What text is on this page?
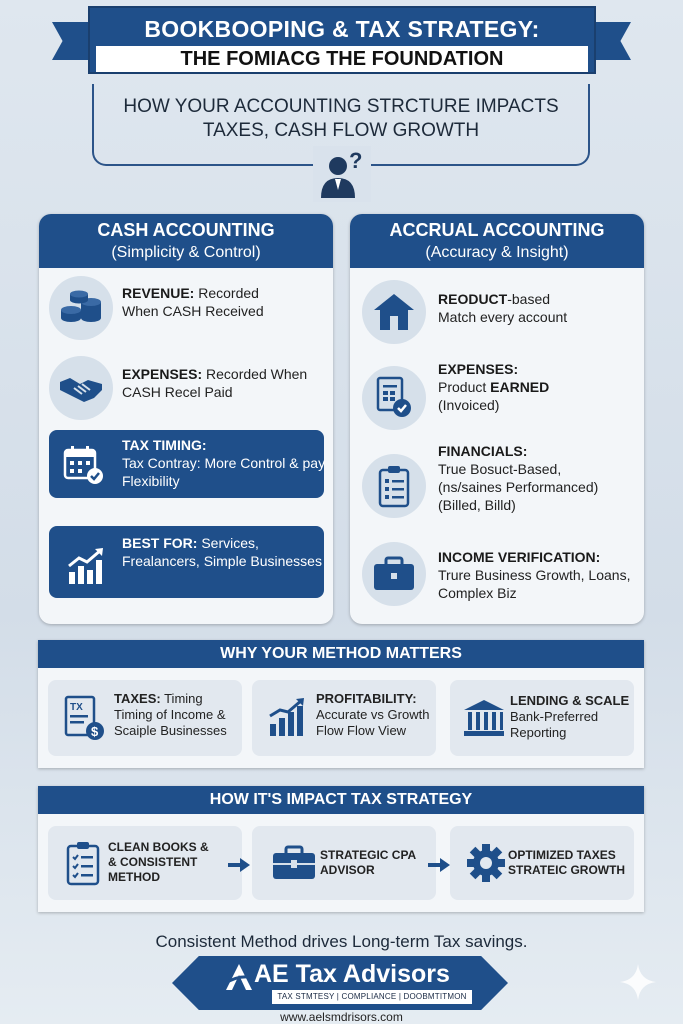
BOOKBOOPING & TAX STRATEGY:
THE FOMIACG THE FOUNDATION
HOW YOUR ACCOUNTING STRCTURE IMPACTS
TAXES, CASH FLOW GROWTH
?
CASH ACCOUNTING
(Simplicity & Control)
REVENUE: Recorded
When CASH Received
EXPENSES: Recorded When
CASH Recel Paid
TAX TIMING:
Tax Contray: More Control & pay
Flexibility
BEST FOR: Services,
Frealancers, Simple Businesses
ACCRUAL ACCOUNTING
(Accuracy & Insight)
REODUCT-based
Match every account
EXPENSES:
Product EARNED
(Invoiced)
FINANCIALS:
True Bosuct-Based,
(ns/saines Performanced)
(Billed, Billd)
INCOME VERIFICATION:
Trure Business Growth, Loans,
Complex Biz
WHY YOUR METHOD MATTERS
TX
$
TAXES: Timing
Timing of Income &
Scaiple Businesses
PROFITABILITY:
Accurate vs Growth
Flow Flow View
LENDING & SCALE
Bank-Preferred
Reporting
HOW IT'S IMPACT TAX STRATEGY
CLEAN BOOKS &
& CONSISTENT
METHOD
STRATEGIC CPA
ADVISOR
OPTIMIZED TAXES
STRATEIC GROWTH
Consistent Method drives Long-term Tax savings.
AE Tax Advisors
TAX STMTESY | COMPLIANCE | DOOBMTITMON
www.aelsmdrisors.com
